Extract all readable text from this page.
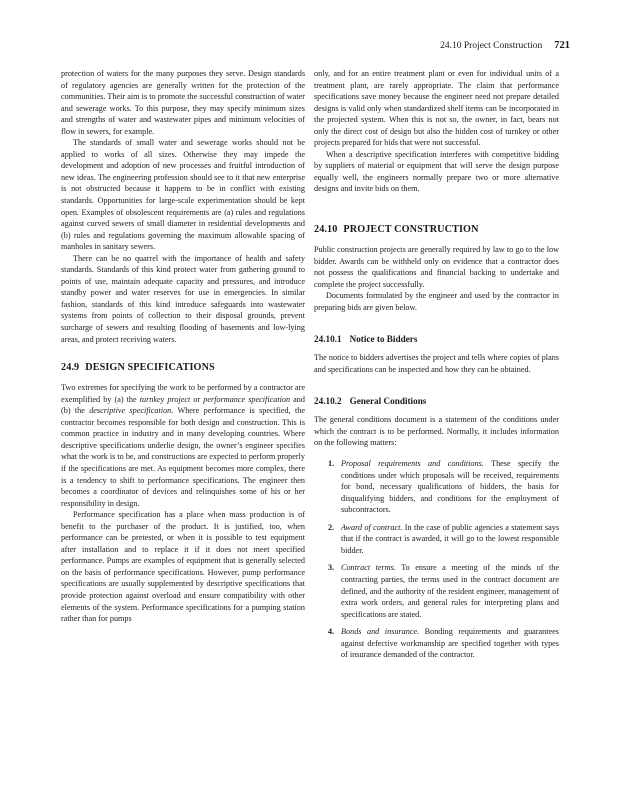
24.10 Project Construction 721

protection of waters for the many purposes they serve. Design standards of regulatory agencies are generally written for the protection of the communities. Their aim is to promote the successful construction of water and sewerage works. To this purpose, they may specify minimum sizes and strengths of water and wastewater pipes and minimum velocities of flow in sewers, for example.

The standards of small water and sewerage works should not be applied to works of all sizes. Otherwise they may impede the development and adoption of new processes and fruitful introduction of new ideas. The engineering profession should see to it that new enterprise is not obstructed because it happens to be in conflict with existing standards. Opportunities for large-scale experimentation should be kept open. Examples of obsolescent requirements are (a) rules and regulations against curved sewers of small diameter in residential developments and (b) rules and regulations governing the maximum allowable spacing of manholes in sanitary sewers.

There can be no quarrel with the importance of health and safety standards. Standards of this kind protect water from gathering ground to points of use, maintain adequate capacity and pressures, and introduce standby power and water reserves for use in emergencies. In similar fashion, standards of this kind introduce safeguards into wastewater systems from points of collection to their disposal grounds, prevent surcharge of sewers and resulting flooding of basements and low-lying areas, and protect receiving waters.

24.9 DESIGN SPECIFICATIONS

Two extremes for specifying the work to be performed by a contractor are exemplified by (a) the turnkey project or performance specification and (b) the descriptive specification. Where performance is specified, the contractor becomes responsible for both design and construction. This is common practice in industry and in many developing countries. Where descriptive specifications underlie design, the owner’s engineer specifies what the work is to be, and constructions are expected to perform properly if the specifications are met. As equipment becomes more complex, there is a tendency to shift to performance specifications. The engineer then becomes a coordinator of devices and relinquishes some of his or her responsibility in design.

Performance specification has a place when mass production is of benefit to the purchaser of the product. It is justified, too, when performance can be pretested, or when it is possible to test equipment after installation and to replace it if it does not meet specified performance. Pumps are examples of equipment that is generally selected on the basis of performance specifications. However, pump performance specifications are usually supplemented by descriptive specifications that provide protection against overload and ensure compatibility with other elements of the system. Performance specifications for a pumping station rather than for pumps

only, and for an entire treatment plant or even for individual units of a treatment plant, are rarely appropriate. The claim that performance specifications save money because the engineer need not prepare detailed designs is valid only when standardized shelf items can be incorporated in the projected system. When this is not so, the owner, in fact, bears not only the direct cost of design but also the hidden cost of turnkey or other projects prepared for bids that were not successful.

When a descriptive specification interferes with competitive bidding by suppliers of material or equipment that will serve the design purpose equally well, the engineers normally prepare two or more alternative designs and invite bids on them.

24.10 PROJECT CONSTRUCTION

Public construction projects are generally required by law to go to the low bidder. Awards can be withheld only on evidence that a contractor does not possess the qualifications and financial backing to undertake and complete the project successfully.

Documents formulated by the engineer and used by the contractor in preparing bids are given below.

24.10.1 Notice to Bidders

The notice to bidders advertises the project and tells where copies of plans and specifications can be inspected and how they can be obtained.

24.10.2 General Conditions

The general conditions document is a statement of the conditions under which the contract is to be performed. Normally, it includes information on the following matters:

1. Proposal requirements and conditions. These specify the conditions under which proposals will be received, requirements for bond, necessary qualifications of bidders, the basis for disqualifying bidders, and conditions for the employment of subcontractors.
2. Award of contract. In the case of public agencies a statement says that if the contract is awarded, it will go to the lowest responsible bidder.
3. Contract terms. To ensure a meeting of the minds of the contracting parties, the terms used in the contract document are defined, and the authority of the resident engineer, management of extra work orders, and general rules for interpreting plans and specifications are stated.
4. Bonds and insurance. Bonding requirements and guarantees against defective workmanship are specified together with types of insurance demanded of the contractor.
